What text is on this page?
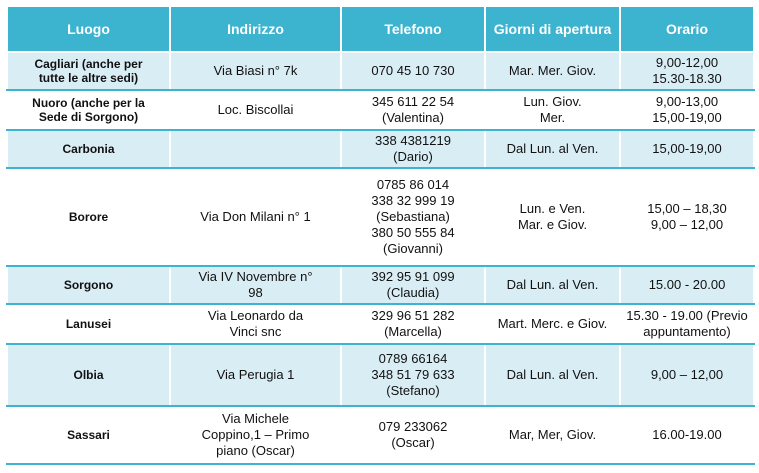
Luogo	Indirizzo	Telefono	Giorni di apertura	Orario

Cagliari (anche per
tutte le altre sedi)	Via Biasi n° 7k	070 45 10 730	Mar. Mer. Giov.	9,00-12,00
15.30-18.30

Nuoro (anche per la
Sede di Sorgono)	Loc. Biscollai	345 611 22 54
(Valentina)	Lun. Giov.
Mer.	9,00-13,00
15,00-19,00

Carbonia		338 4381219
(Dario)	Dal Lun. al Ven.	15,00-19,00

Borore	Via Don Milani n° 1	0785 86 014
338 32 999 19
(Sebastiana)
380 50 555 84
(Giovanni)	Lun. e Ven.
Mar. e Giov.	15,00 – 18,30
9,00 – 12,00

Sorgono	Via IV Novembre n°
98	392 95 91 099
(Claudia)	Dal Lun. al Ven.	15.00 - 20.00

Lanusei	Via Leonardo da
Vinci snc	329 96 51 282
(Marcella)	Mart. Merc. e Giov.	15.30 - 19.00 (Previo
appuntamento)

Olbia	Via Perugia 1	0789 66164
348 51 79 633
(Stefano)	Dal Lun. al Ven.	9,00 – 12,00

Sassari	Via Michele
Coppino,1 – Primo
piano (Oscar)	079 233062
(Oscar)	Mar, Mer, Giov.	16.00-19.00
